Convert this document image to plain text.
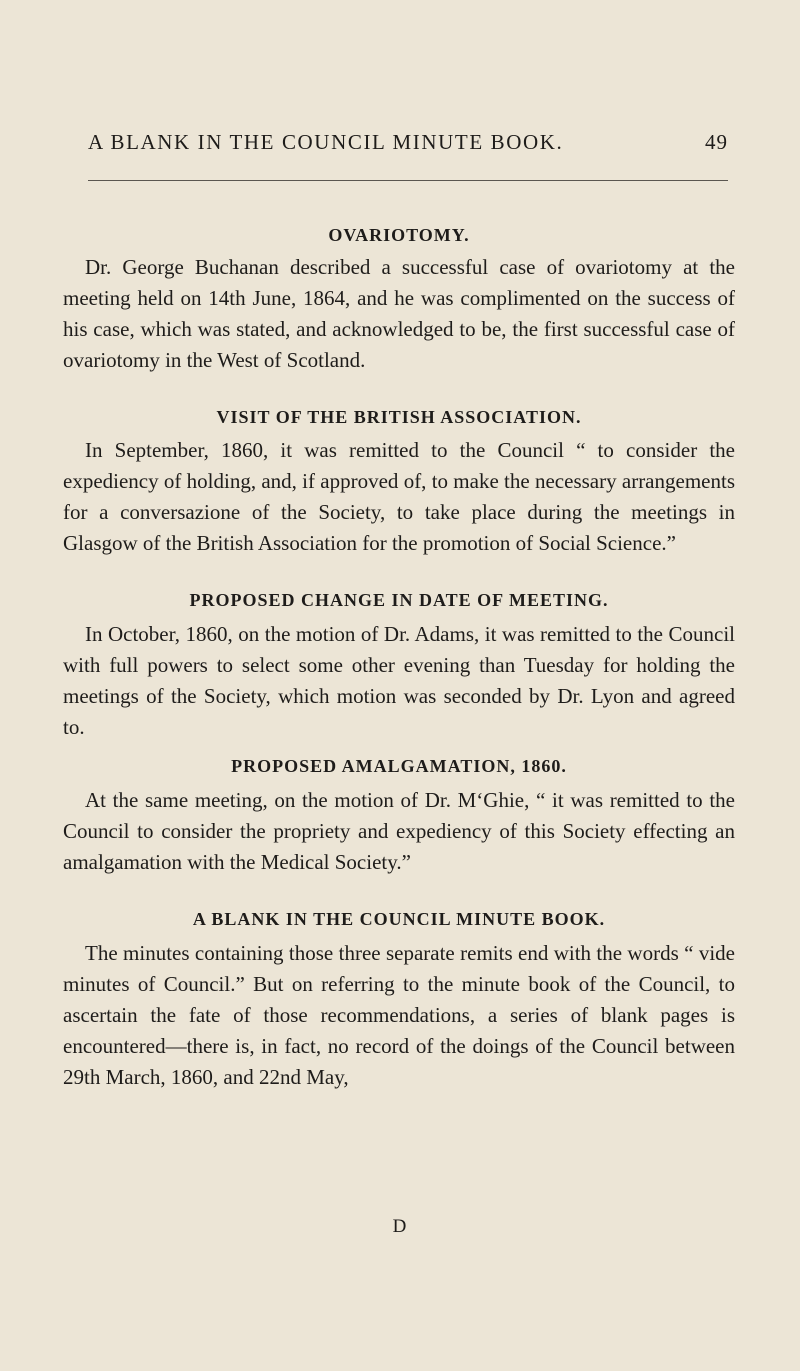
A BLANK IN THE COUNCIL MINUTE BOOK.	49
OVARIOTOMY.

Dr. George Buchanan described a successful case of ovariotomy at the meeting held on 14th June, 1864, and he was complimented on the success of his case, which was stated, and acknowledged to be, the first successful case of ovariotomy in the West of Scotland.

VISIT OF THE BRITISH ASSOCIATION.

In September, 1860, it was remitted to the Council “ to consider the expediency of holding, and, if approved of, to make the necessary arrangements for a conversazione of the Society, to take place during the meetings in Glasgow of the British Association for the promotion of Social Science.”

PROPOSED CHANGE IN DATE OF MEETING.

In October, 1860, on the motion of Dr. Adams, it was remitted to the Council with full powers to select some other evening than Tuesday for holding the meetings of the Society, which motion was seconded by Dr. Lyon and agreed to.

PROPOSED AMALGAMATION, 1860.

At the same meeting, on the motion of Dr. M‘Ghie, “ it was remitted to the Council to consider the propriety and expediency of this Society effecting an amalgamation with the Medical Society.”

A BLANK IN THE COUNCIL MINUTE BOOK.

The minutes containing those three separate remits end with the words “ vide minutes of Council.” But on referring to the minute book of the Council, to ascertain the fate of those recommendations, a series of blank pages is encountered—there is, in fact, no record of the doings of the Council between 29th March, 1860, and 22nd May,

D
